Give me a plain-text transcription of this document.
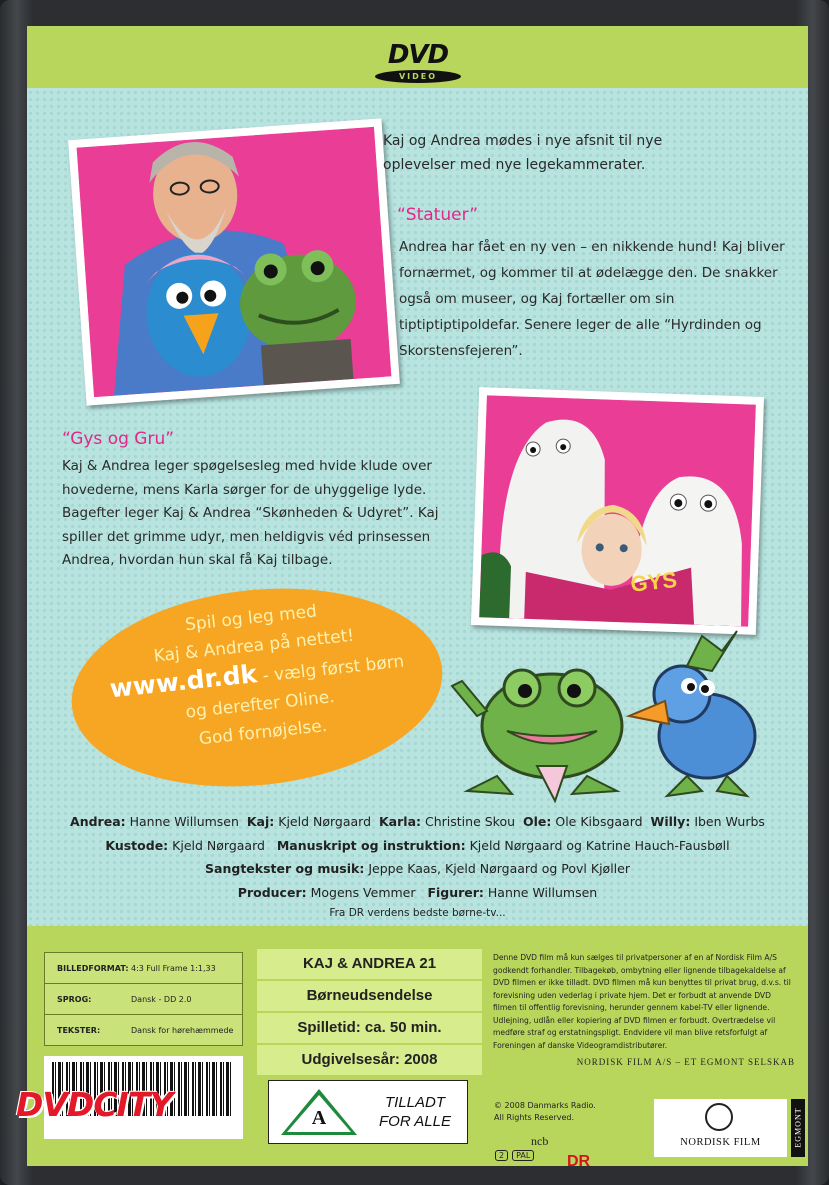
DVD
VIDEO
Kaj og Andrea mødes i nye afsnit til nye oplevelser med nye legekammerater.
“Statuer”
Andrea har fået en ny ven – en nikkende hund! Kaj bliver fornærmet, og kommer til at ødelægge den. De snakker også om museer, og Kaj fortæller om sin tiptiptiptipoldefar. Senere leger de alle “Hyrdinden og Skorstensfejeren”.
“Gys og Gru”
Kaj & Andrea leger spøgelsesleg med hvide klude over hovederne, mens Karla sørger for de uhyggelige lyde. Bagefter leger Kaj & Andrea “Skønheden & Udyret”. Kaj spiller det grimme udyr, men heldigvis véd prinsessen Andrea, hvordan hun skal få Kaj tilbage.
GYS
Spil og leg med
Kaj & Andrea på nettet!
www.dr.dk - vælg først børn
og derefter Oline.
God fornøjelse.
Andrea: Hanne Willumsen Kaj: Kjeld Nørgaard Karla: Christine Skou Ole: Ole Kibsgaard Willy: Iben Wurbs
Kustode: Kjeld Nørgaard Manuskript og instruktion: Kjeld Nørgaard og Katrine Hauch-Fausbøll
Sangtekster og musik: Jeppe Kaas, Kjeld Nørgaard og Povl Kjøller
Producer: Mogens Vemmer Figurer: Hanne Willumsen
Fra DR verdens bedste børne-tv...
BILLEDFORMAT: 4:3 Full Frame 1:1,33
SPROG:	Dansk - DD 2.0
TEKSTER:	Dansk for hørehæmmede
KAJ & ANDREA 21
Børneudsendelse
Spilletid: ca. 50 min.
Udgivelsesår: 2008
Denne DVD film må kun sælges til privatpersoner af en af Nordisk Film A/S godkendt forhandler. Tilbagekøb, ombytning eller lignende tilbagekaldelse af DVD filmen er ikke tilladt. DVD filmen må kun benyttes til privat brug, d.v.s. til forevisning uden vederlag i private hjem. Det er forbudt at anvende DVD filmen til offentlig forevisning, herunder gennem kabel-TV eller lignende. Udlejning, udlån eller kopiering af DVD filmen er forbudt. Overtrædelse vil medføre straf og erstatningspligt. Endvidere vil man blive retsforfulgt af Foreningen af danske Videogramdistributører.
NORDISK FILM A/S – ET EGMONT SELSKAB
A
TILLADT
FOR ALLE
© 2008 Danmarks Radio.
All Rights Reserved.
ncb
2 PAL	DR
NORDISK FILM	EGMONT
DVDCITY
